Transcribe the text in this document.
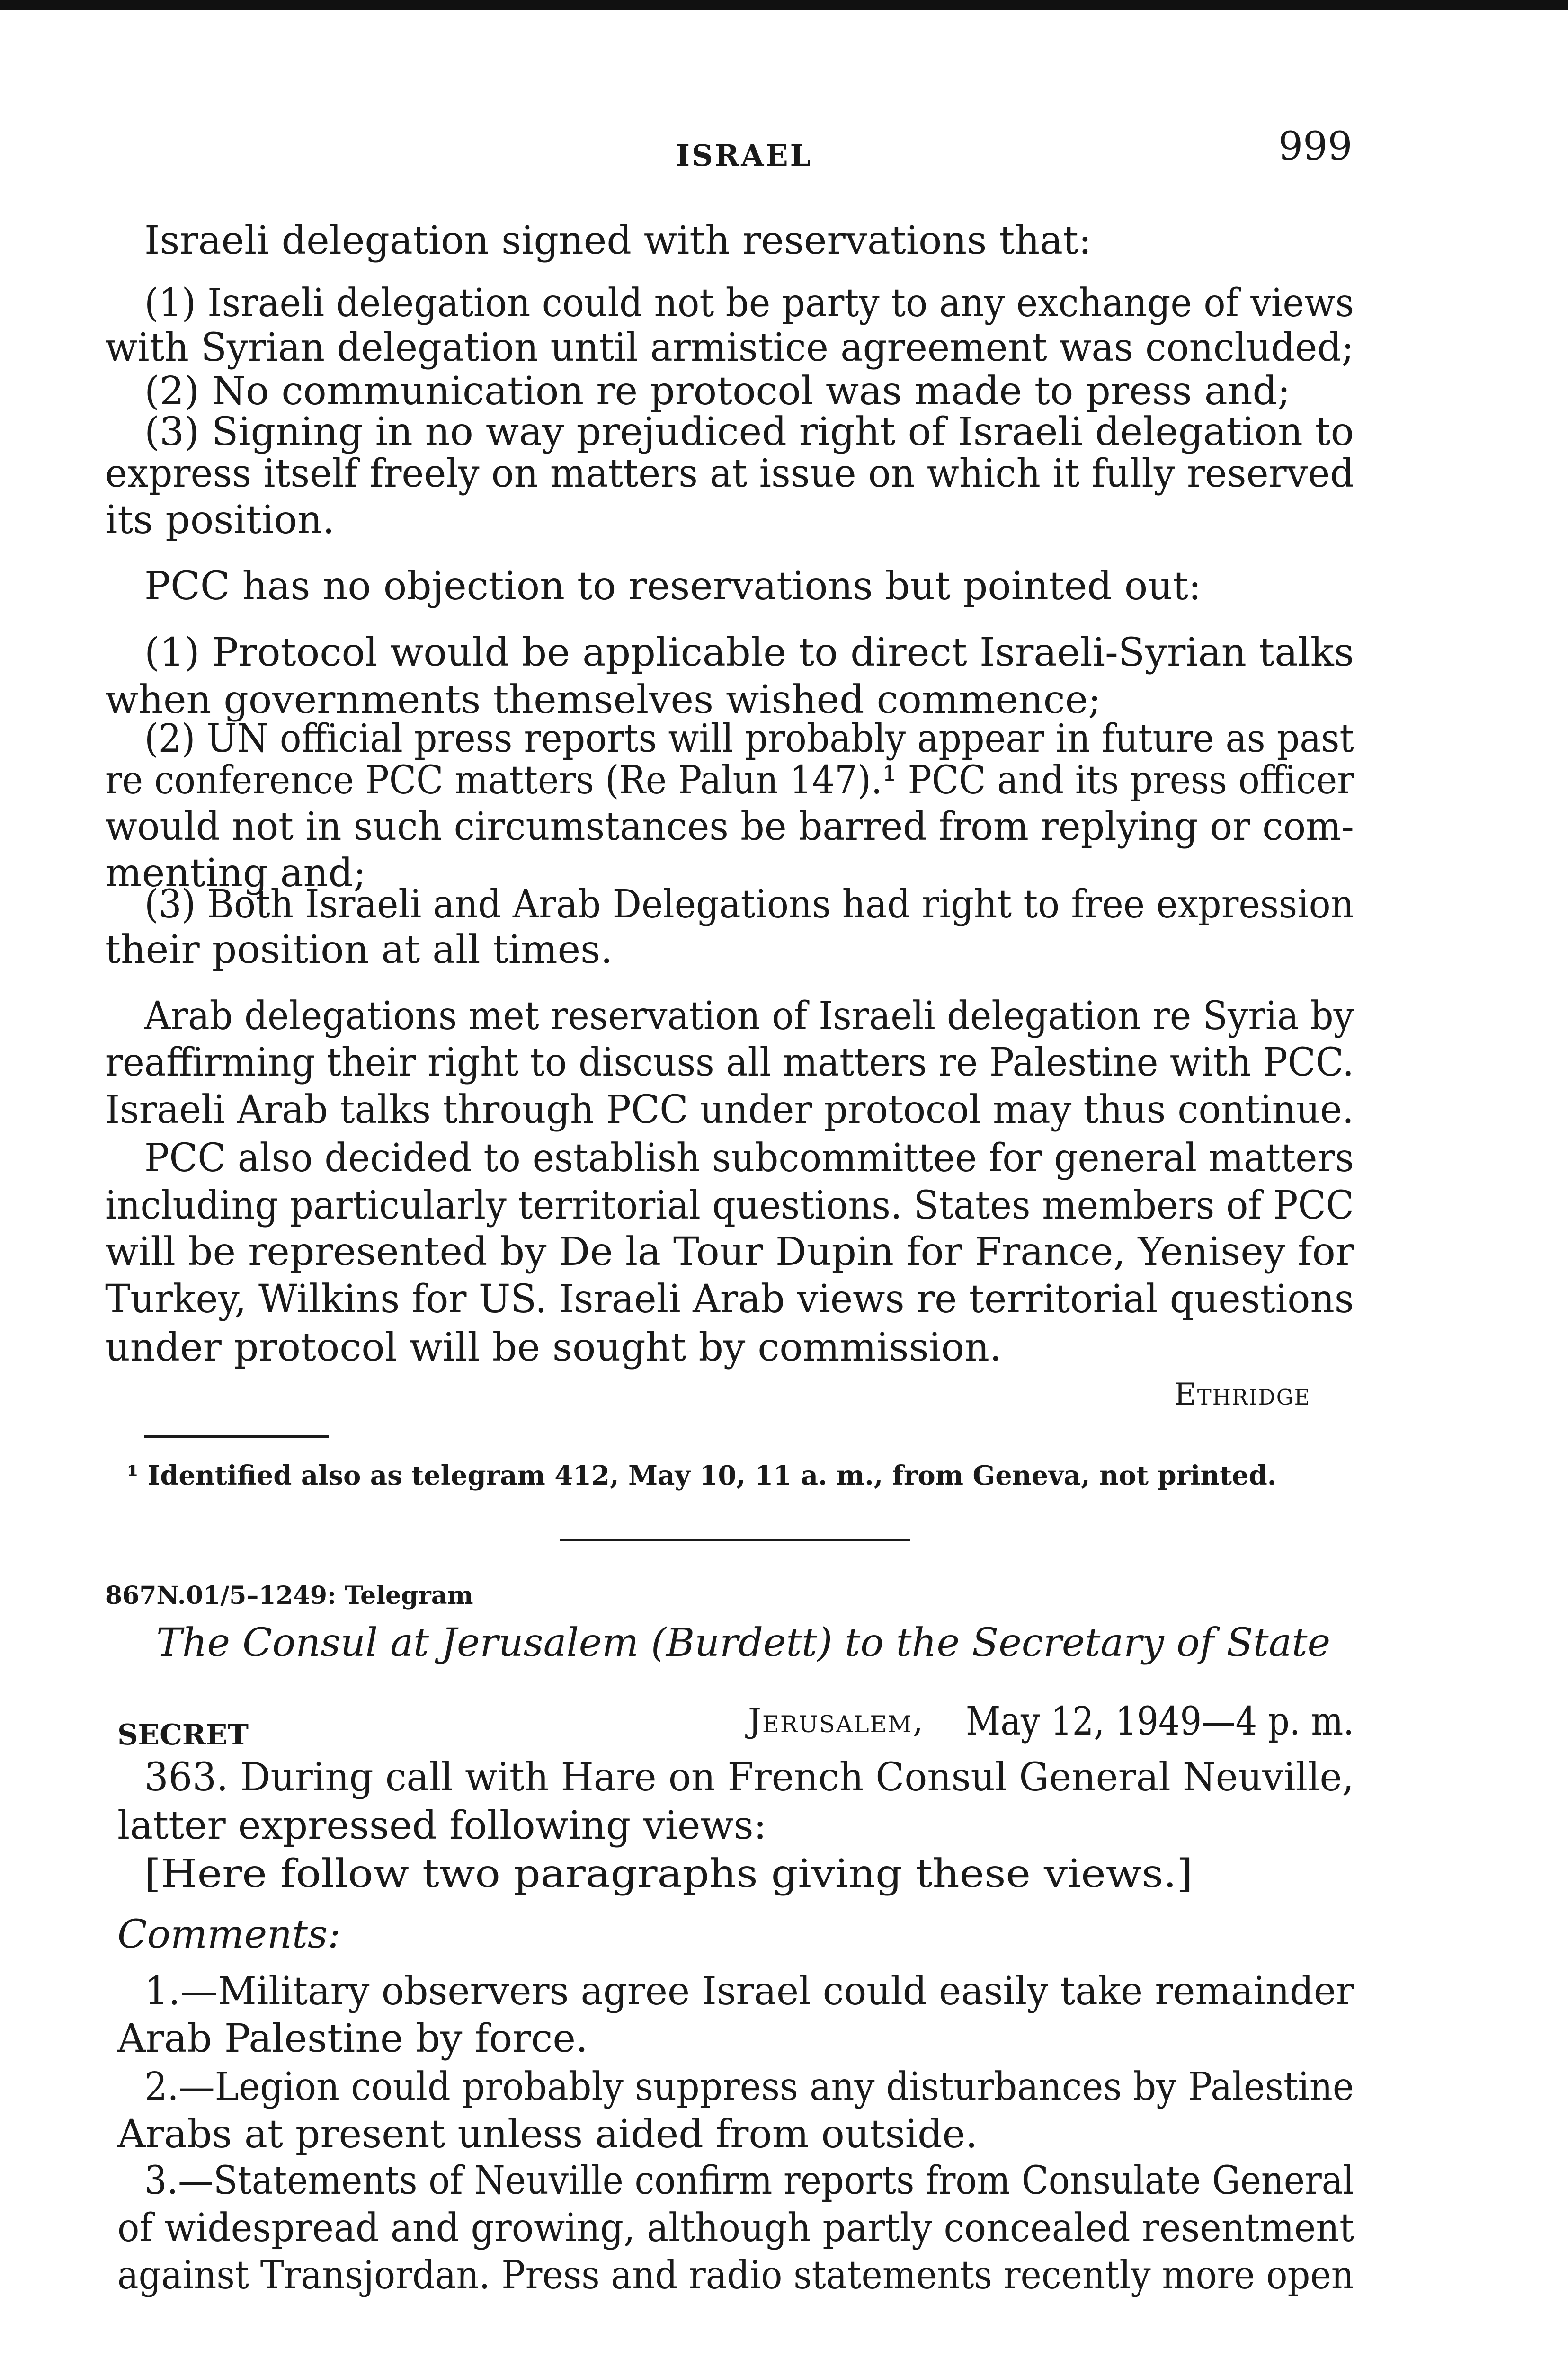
ISRAEL	999
Israeli delegation signed with reservations that:
(1) Israeli delegation could not be party to any exchange of views
with Syrian delegation until armistice agreement was concluded;
(2) No communication re protocol was made to press and;
(3) Signing in no way prejudiced right of Israeli delegation to
express itself freely on matters at issue on which it fully reserved
its position.
PCC has no objection to reservations but pointed out:
(1) Protocol would be applicable to direct Israeli-Syrian talks
when governments themselves wished commence;
(2) UN official press reports will probably appear in future as past
re conference PCC matters (Re Palun 147).¹ PCC and its press officer
would not in such circumstances be barred from replying or com-
menting and;
(3) Both Israeli and Arab Delegations had right to free expression
their position at all times.
Arab delegations met reservation of Israeli delegation re Syria by
reaffirming their right to discuss all matters re Palestine with PCC.
Israeli Arab talks through PCC under protocol may thus continue.
PCC also decided to establish subcommittee for general matters
including particularly territorial questions. States members of PCC
will be represented by De la Tour Dupin for France, Yenisey for
Turkey, Wilkins for US. Israeli Arab views re territorial questions
under protocol will be sought by commission.
Ethridge
¹ Identified also as telegram 412, May 10, 11 a. m., from Geneva, not printed.
867N.01/5–1249: Telegram
The Consul at Jerusalem (Burdett) to the Secretary of State
SECRET	Jerusalem, May 12, 1949—4 p. m.
363. During call with Hare on French Consul General Neuville,
latter expressed following views:
[Here follow two paragraphs giving these views.]
Comments:
1.—Military observers agree Israel could easily take remainder
Arab Palestine by force.
2.—Legion could probably suppress any disturbances by Palestine
Arabs at present unless aided from outside.
3.—Statements of Neuville confirm reports from Consulate General
of widespread and growing, although partly concealed resentment
against Transjordan. Press and radio statements recently more open
